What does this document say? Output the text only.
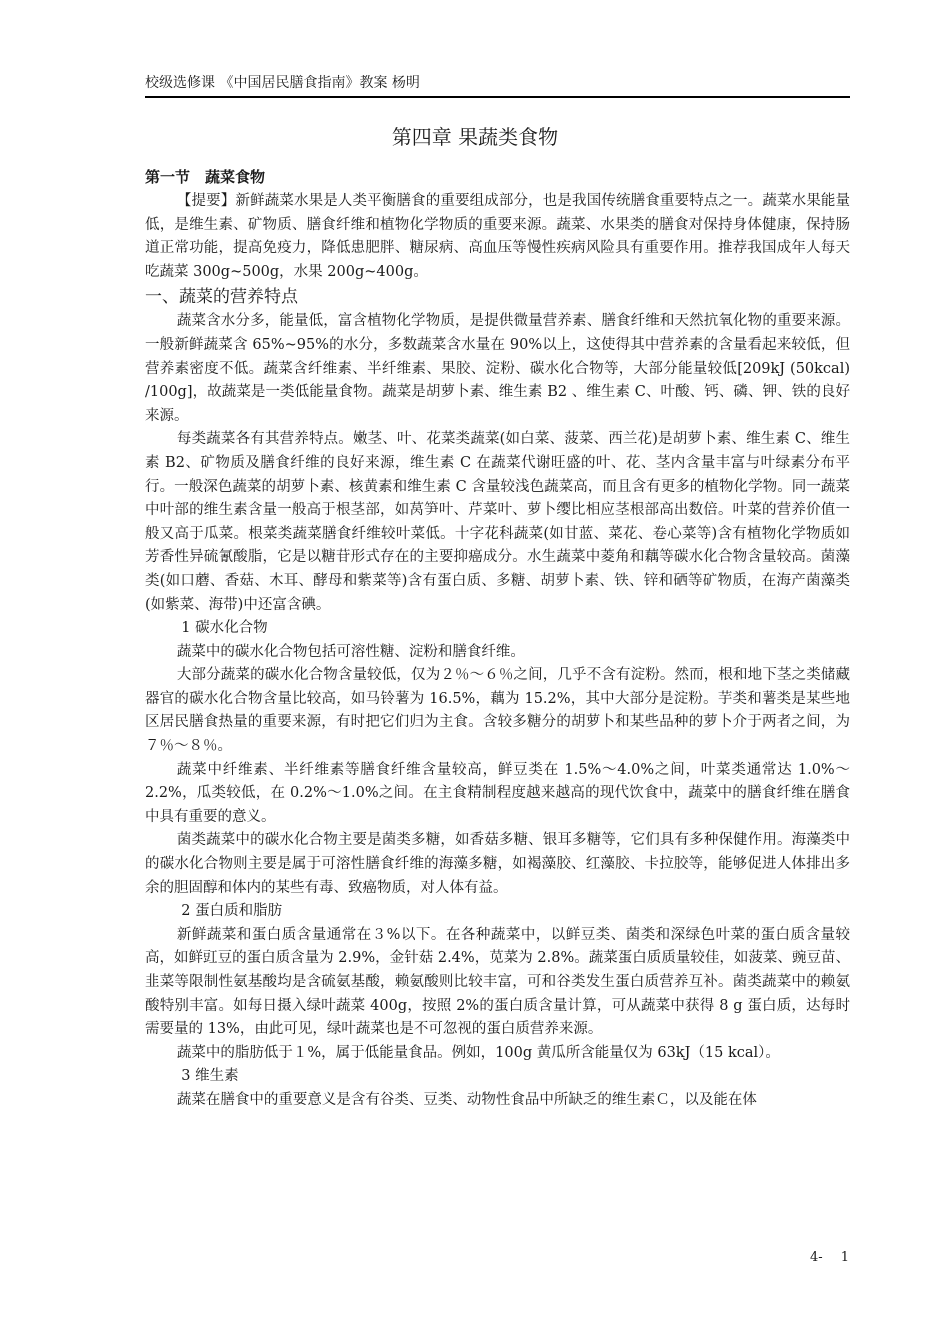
校级选修课 《中国居民膳食指南》教案 杨明
第四章 果蔬类食物
第一节　蔬菜食物

【提要】新鲜蔬菜水果是人类平衡膳食的重要组成部分，也是我国传统膳食重要特点之一。蔬菜水果能量低，是维生素、矿物质、膳食纤维和植物化学物质的重要来源。蔬菜、水果类的膳食对保持身体健康，保持肠道正常功能，提高免疫力，降低患肥胖、糖尿病、高血压等慢性疾病风险具有重要作用。推荐我国成年人每天吃蔬菜 300g~500g，水果 200g~400g。

一、蔬菜的营养特点

蔬菜含水分多，能量低，富含植物化学物质，是提供微量营养素、膳食纤维和天然抗氧化物的重要来源。一般新鲜蔬菜含 65%~95%的水分，多数蔬菜含水量在 90%以上，这使得其中营养素的含量看起来较低，但营养素密度不低。蔬菜含纤维素、半纤维素、果胶、淀粉、碳水化合物等，大部分能量较低[209kJ (50kcal) /100g]，故蔬菜是一类低能量食物。蔬菜是胡萝卜素、维生素 B2 、维生素 C、叶酸、钙、磷、钾、铁的良好来源。

每类蔬菜各有其营养特点。嫩茎、叶、花菜类蔬菜(如白菜、菠菜、西兰花)是胡萝卜素、维生素 C、维生素 B2、矿物质及膳食纤维的良好来源，维生素 C 在蔬菜代谢旺盛的叶、花、茎内含量丰富与叶绿素分布平行。一般深色蔬菜的胡萝卜素、核黄素和维生素 C 含量较浅色蔬菜高，而且含有更多的植物化学物。同一蔬菜中叶部的维生素含量一般高于根茎部，如莴笋叶、芹菜叶、萝卜缨比相应茎根部高出数倍。叶菜的营养价值一般又高于瓜菜。根菜类蔬菜膳食纤维较叶菜低。十字花科蔬菜(如甘蓝、菜花、卷心菜等)含有植物化学物质如芳香性异硫氰酸脂，它是以糖苷形式存在的主要抑癌成分。水生蔬菜中菱角和藕等碳水化合物含量较高。菌藻类(如口蘑、香菇、木耳、酵母和紫菜等)含有蛋白质、多糖、胡萝卜素、铁、锌和硒等矿物质，在海产菌藻类(如紫菜、海带)中还富含碘。

1 碳水化合物

蔬菜中的碳水化合物包括可溶性糖、淀粉和膳食纤维。

大部分蔬菜的碳水化合物含量较低，仅为２％～６％之间，几乎不含有淀粉。然而，根和地下茎之类储藏器官的碳水化合物含量比较高，如马铃薯为 16.5%，藕为 15.2%，其中大部分是淀粉。芋类和薯类是某些地区居民膳食热量的重要来源，有时把它们归为主食。含较多糖分的胡萝卜和某些品种的萝卜介于两者之间，为７％～８％。

蔬菜中纤维素、半纤维素等膳食纤维含量较高，鲜豆类在 1.5%～4.0%之间，叶菜类通常达 1.0%～2.2%，瓜类较低，在 0.2%～1.0%之间。在主食精制程度越来越高的现代饮食中，蔬菜中的膳食纤维在膳食中具有重要的意义。

菌类蔬菜中的碳水化合物主要是菌类多糖，如香菇多糖、银耳多糖等，它们具有多种保健作用。海藻类中的碳水化合物则主要是属于可溶性膳食纤维的海藻多糖，如褐藻胶、红藻胶、卡拉胶等，能够促进人体排出多余的胆固醇和体内的某些有毒、致癌物质，对人体有益。

2 蛋白质和脂肪

新鲜蔬菜和蛋白质含量通常在３%以下。在各种蔬菜中，以鲜豆类、菌类和深绿色叶菜的蛋白质含量较高，如鲜豇豆的蛋白质含量为 2.9%，金针菇 2.4%，苋菜为 2.8%。蔬菜蛋白质质量较佳，如菠菜、豌豆苗、韭菜等限制性氨基酸均是含硫氨基酸，赖氨酸则比较丰富，可和谷类发生蛋白质营养互补。菌类蔬菜中的赖氨酸特别丰富。如每日摄入绿叶蔬菜 400g，按照 2%的蛋白质含量计算，可从蔬菜中获得 8 g 蛋白质，达每时需要量的 13%，由此可见，绿叶蔬菜也是不可忽视的蛋白质营养来源。

蔬菜中的脂肪低于１%，属于低能量食品。例如，100g 黄瓜所含能量仅为 63kJ（15 kcal）。

3 维生素

蔬菜在膳食中的重要意义是含有谷类、豆类、动物性食品中所缺乏的维生素Ｃ，以及能在体

4- 1
